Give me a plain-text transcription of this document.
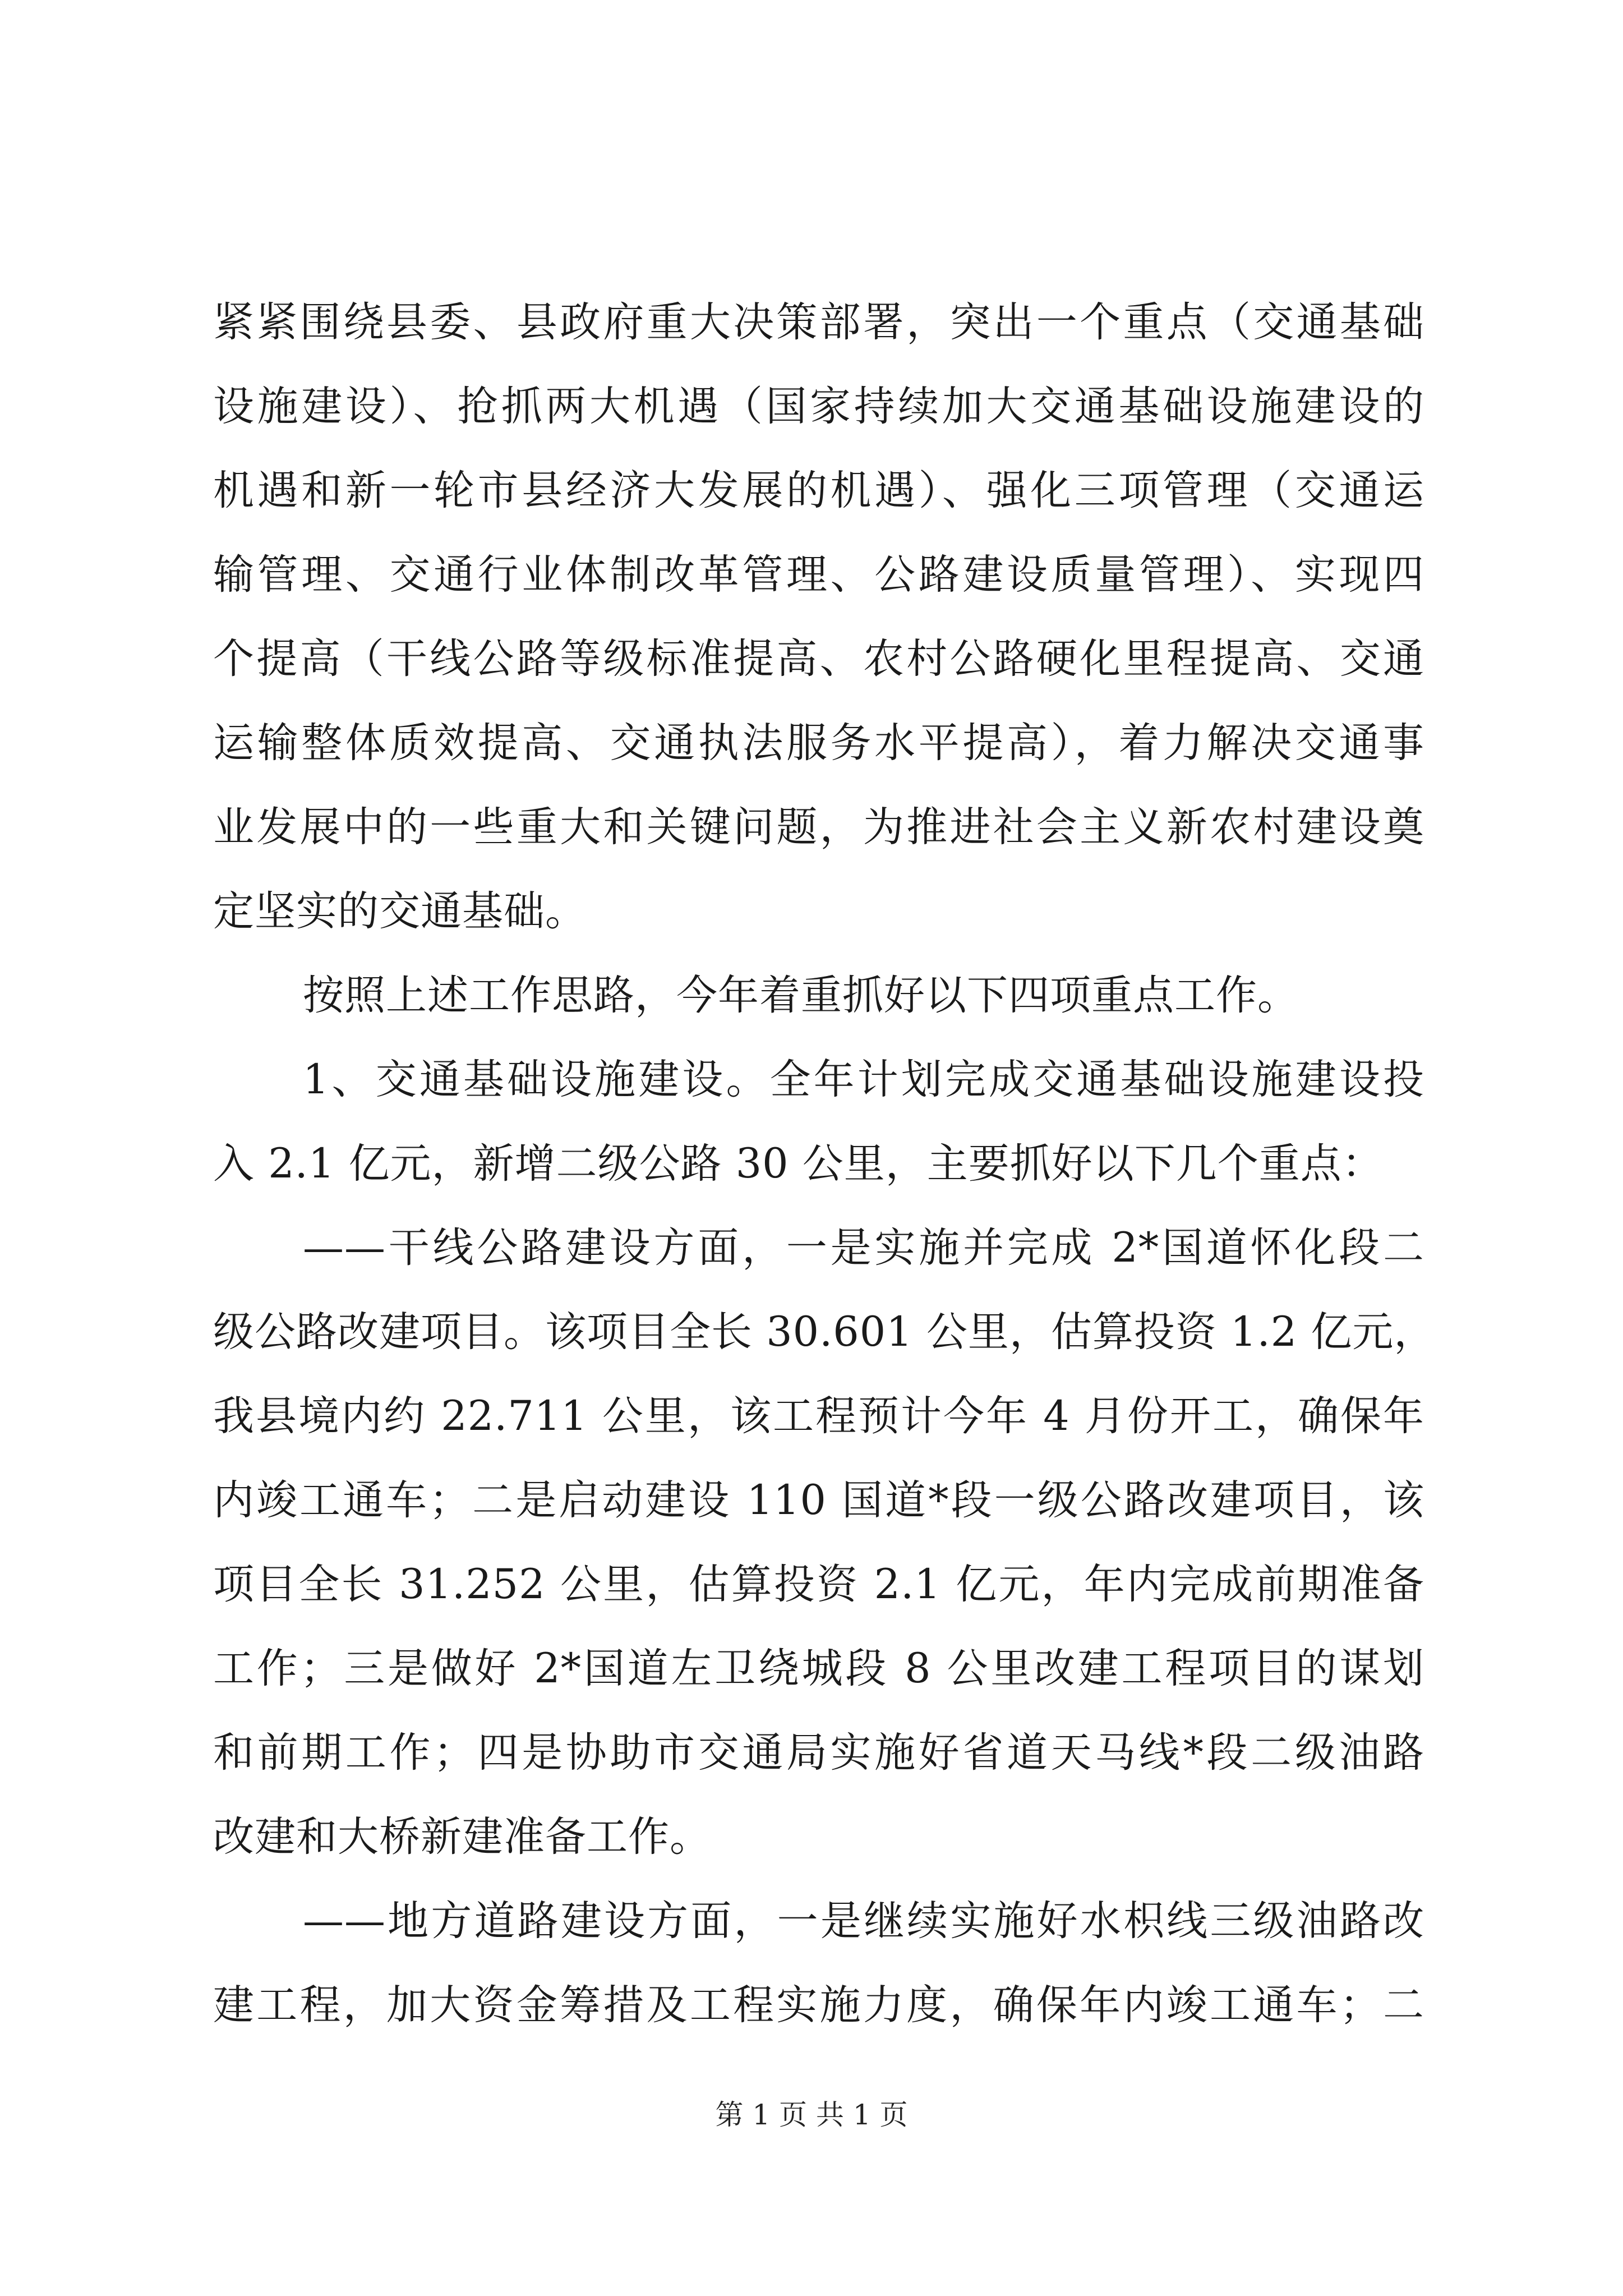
紧紧围绕县委、县政府重大决策部署，突出一个重点（交通基础
设施建设）、抢抓两大机遇（国家持续加大交通基础设施建设的
机遇和新一轮市县经济大发展的机遇）、强化三项管理（交通运
输管理、交通行业体制改革管理、公路建设质量管理）、实现四
个提高（干线公路等级标准提高、农村公路硬化里程提高、交通
运输整体质效提高、交通执法服务水平提高），着力解决交通事
业发展中的一些重大和关键问题，为推进社会主义新农村建设奠
定坚实的交通基础。
按照上述工作思路，今年着重抓好以下四项重点工作。
1、交通基础设施建设。全年计划完成交通基础设施建设投
入 2.1 亿元，新增二级公路 30 公里，主要抓好以下几个重点：
——干线公路建设方面，一是实施并完成 2*国道怀化段二
级公路改建项目。该项目全长 30.601 公里，估算投资 1.2 亿元，
我县境内约 22.711 公里，该工程预计今年 4 月份开工，确保年
内竣工通车；二是启动建设 110 国道*段一级公路改建项目，该
项目全长 31.252 公里，估算投资 2.1 亿元，年内完成前期准备
工作；三是做好 2*国道左卫绕城段 8 公里改建工程项目的谋划
和前期工作；四是协助市交通局实施好省道天马线*段二级油路
改建和大桥新建准备工作。
——地方道路建设方面，一是继续实施好水枳线三级油路改
建工程，加大资金筹措及工程实施力度，确保年内竣工通车；二
第 1 页 共 1 页
